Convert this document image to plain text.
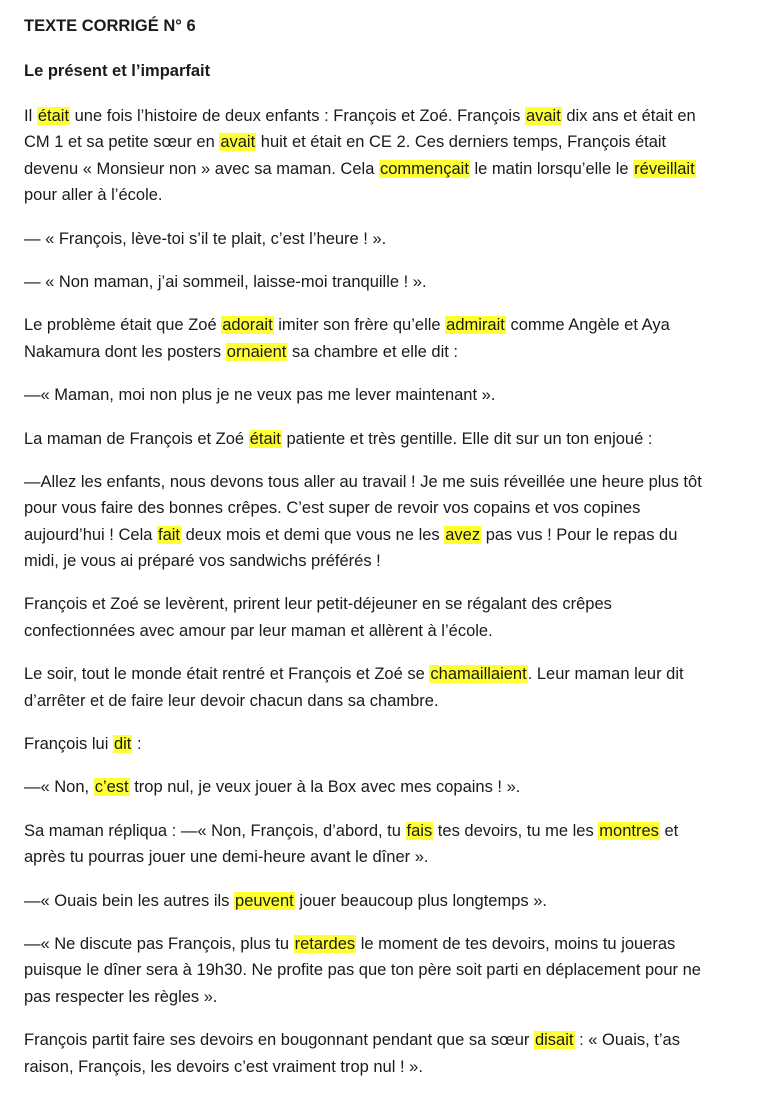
TEXTE CORRIGÉ N° 6
Le présent et l’imparfait
Il était une fois l’histoire de deux enfants : François et Zoé. François avait dix ans et était en
CM 1 et sa petite sœur en avait huit et était en CE 2. Ces derniers temps, François était
devenu « Monsieur non » avec sa maman. Cela commençait le matin lorsqu’elle le réveillait
pour aller à l’école.
— « François, lève-toi s’il te plait, c’est l’heure ! ».
— « Non maman, j’ai sommeil, laisse-moi tranquille ! ».
Le problème était que Zoé adorait imiter son frère qu’elle admirait comme Angèle et Aya
Nakamura dont les posters ornaient sa chambre et elle dit :
—« Maman, moi non plus je ne veux pas me lever maintenant ».
La maman de François et Zoé était patiente et très gentille. Elle dit sur un ton enjoué :
—Allez les enfants, nous devons tous aller au travail ! Je me suis réveillée une heure plus tôt
pour vous faire des bonnes crêpes. C’est super de revoir vos copains et vos copines
aujourd’hui ! Cela fait deux mois et demi que vous ne les avez pas vus ! Pour le repas du
midi, je vous ai préparé vos sandwichs préférés !
François et Zoé se levèrent, prirent leur petit-déjeuner en se régalant des crêpes
confectionnées avec amour par leur maman et allèrent à l’école.
Le soir, tout le monde était rentré et François et Zoé se chamaillaient. Leur maman leur dit
d’arrêter et de faire leur devoir chacun dans sa chambre.
François lui dit :
—« Non, c’est trop nul, je veux jouer à la Box avec mes copains ! ».
Sa maman répliqua : —« Non, François, d’abord, tu fais tes devoirs, tu me les montres et
après tu pourras jouer une demi-heure avant le dîner ».
—« Ouais bein les autres ils peuvent jouer beaucoup plus longtemps ».
—« Ne discute pas François, plus tu retardes le moment de tes devoirs, moins tu joueras
puisque le dîner sera à 19h30. Ne profite pas que ton père soit parti en déplacement pour ne
pas respecter les règles ».
François partit faire ses devoirs en bougonnant pendant que sa sœur disait : « Ouais, t’as
raison, François, les devoirs c’est vraiment trop nul ! ».
